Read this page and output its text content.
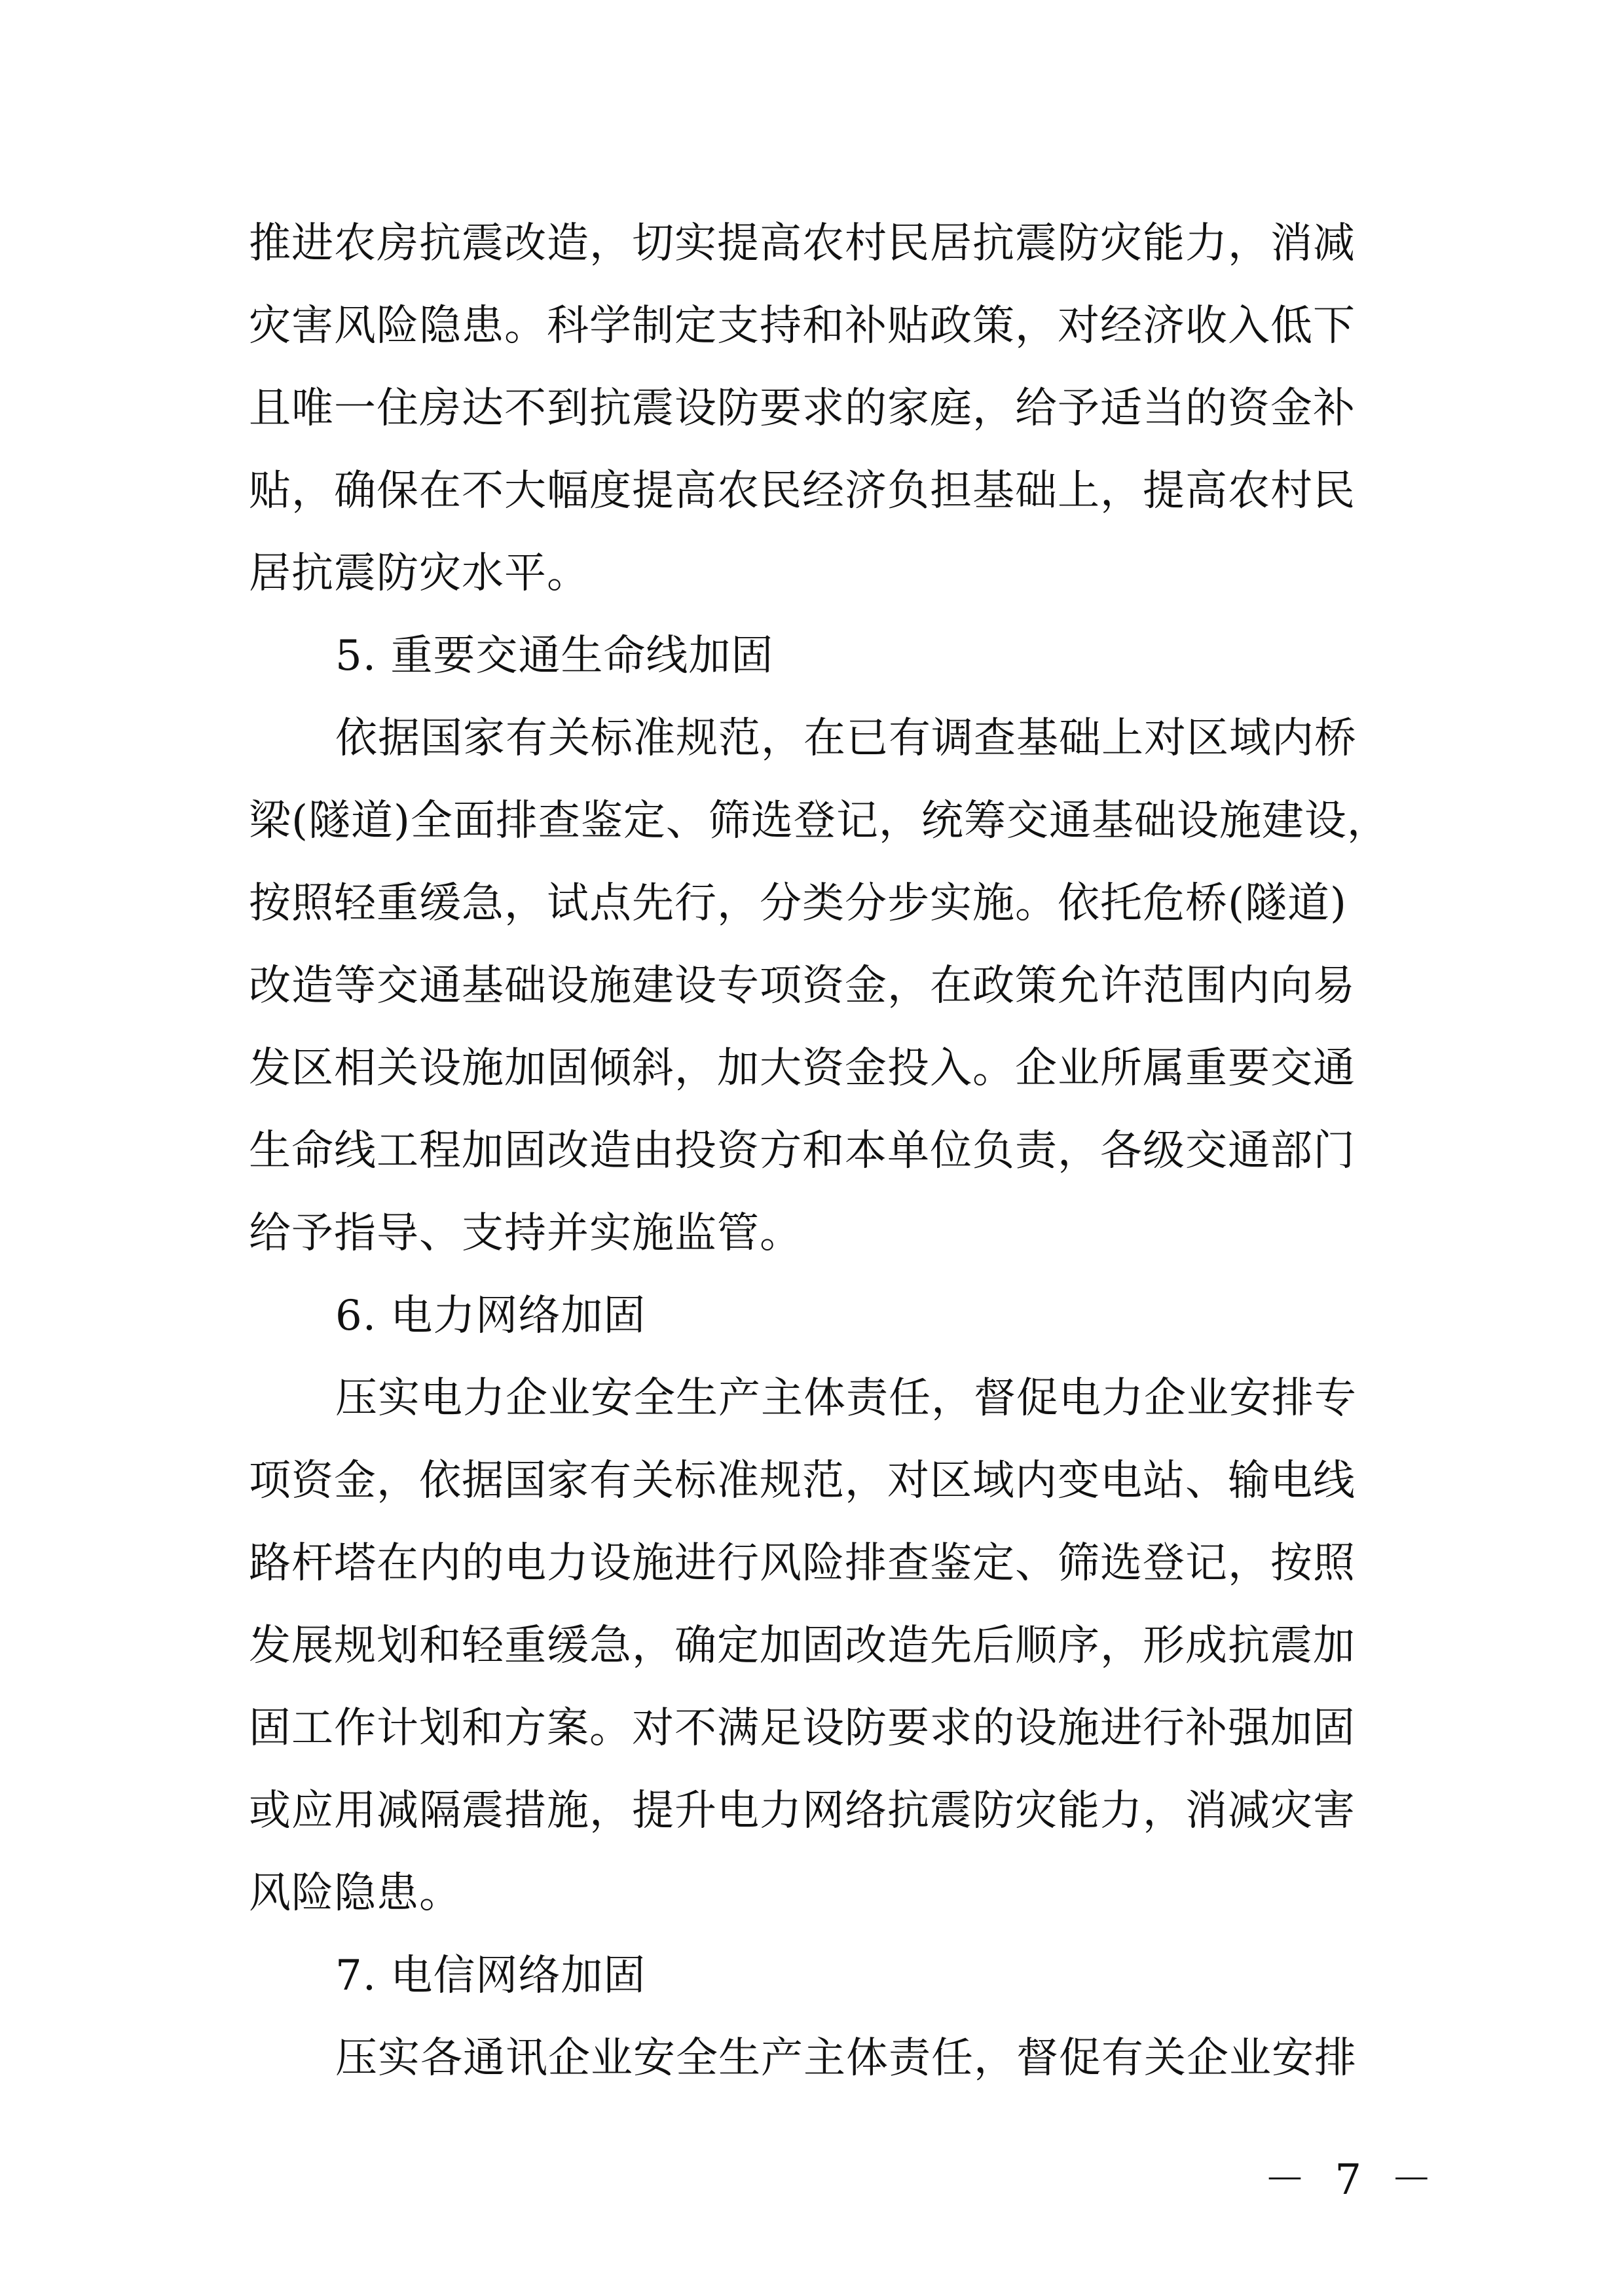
推进农房抗震改造，切实提高农村民居抗震防灾能力，消减
灾害风险隐患。科学制定支持和补贴政策，对经济收入低下
且唯一住房达不到抗震设防要求的家庭，给予适当的资金补
贴，确保在不大幅度提高农民经济负担基础上，提高农村民
居抗震防灾水平。
5. 重要交通生命线加固
依据国家有关标准规范，在已有调查基础上对区域内桥
梁(隧道)全面排查鉴定、筛选登记，统筹交通基础设施建设，
按照轻重缓急，试点先行，分类分步实施。依托危桥(隧道)
改造等交通基础设施建设专项资金，在政策允许范围内向易
发区相关设施加固倾斜，加大资金投入。企业所属重要交通
生命线工程加固改造由投资方和本单位负责，各级交通部门
给予指导、支持并实施监管。
6. 电力网络加固
压实电力企业安全生产主体责任，督促电力企业安排专
项资金，依据国家有关标准规范，对区域内变电站、输电线
路杆塔在内的电力设施进行风险排查鉴定、筛选登记，按照
发展规划和轻重缓急，确定加固改造先后顺序，形成抗震加
固工作计划和方案。对不满足设防要求的设施进行补强加固
或应用减隔震措施，提升电力网络抗震防灾能力，消减灾害
风险隐患。
7. 电信网络加固
压实各通讯企业安全生产主体责任，督促有关企业安排
－ 7 －
